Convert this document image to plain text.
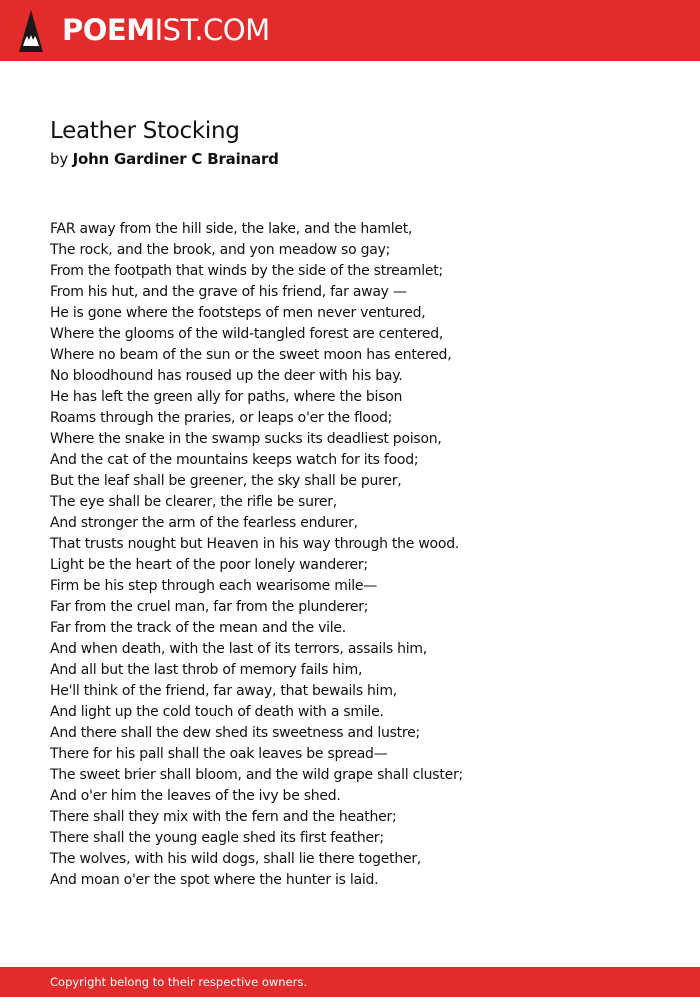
POEMIST.COM
Leather Stocking
by John Gardiner C Brainard
FAR away from the hill side, the lake, and the hamlet,
The rock, and the brook, and yon meadow so gay;
From the footpath that winds by the side of the streamlet;
From his hut, and the grave of his friend, far away —
He is gone where the footsteps of men never ventured,
Where the glooms of the wild-tangled forest are centered,
Where no beam of the sun or the sweet moon has entered,
No bloodhound has roused up the deer with his bay.
He has left the green ally for paths, where the bison
Roams through the praries, or leaps o'er the flood;
Where the snake in the swamp sucks its deadliest poison,
And the cat of the mountains keeps watch for its food;
But the leaf shall be greener, the sky shall be purer,
The eye shall be clearer, the rifle be surer,
And stronger the arm of the fearless endurer,
That trusts nought but Heaven in his way through the wood.
Light be the heart of the poor lonely wanderer;
Firm be his step through each wearisome mile—
Far from the cruel man, far from the plunderer;
Far from the track of the mean and the vile.
And when death, with the last of its terrors, assails him,
And all but the last throb of memory fails him,
He'll think of the friend, far away, that bewails him,
And light up the cold touch of death with a smile.
And there shall the dew shed its sweetness and lustre;
There for his pall shall the oak leaves be spread—
The sweet brier shall bloom, and the wild grape shall cluster;
And o'er him the leaves of the ivy be shed.
There shall they mix with the fern and the heather;
There shall the young eagle shed its first feather;
The wolves, with his wild dogs, shall lie there together,
And moan o'er the spot where the hunter is laid.
Copyright belong to their respective owners.
